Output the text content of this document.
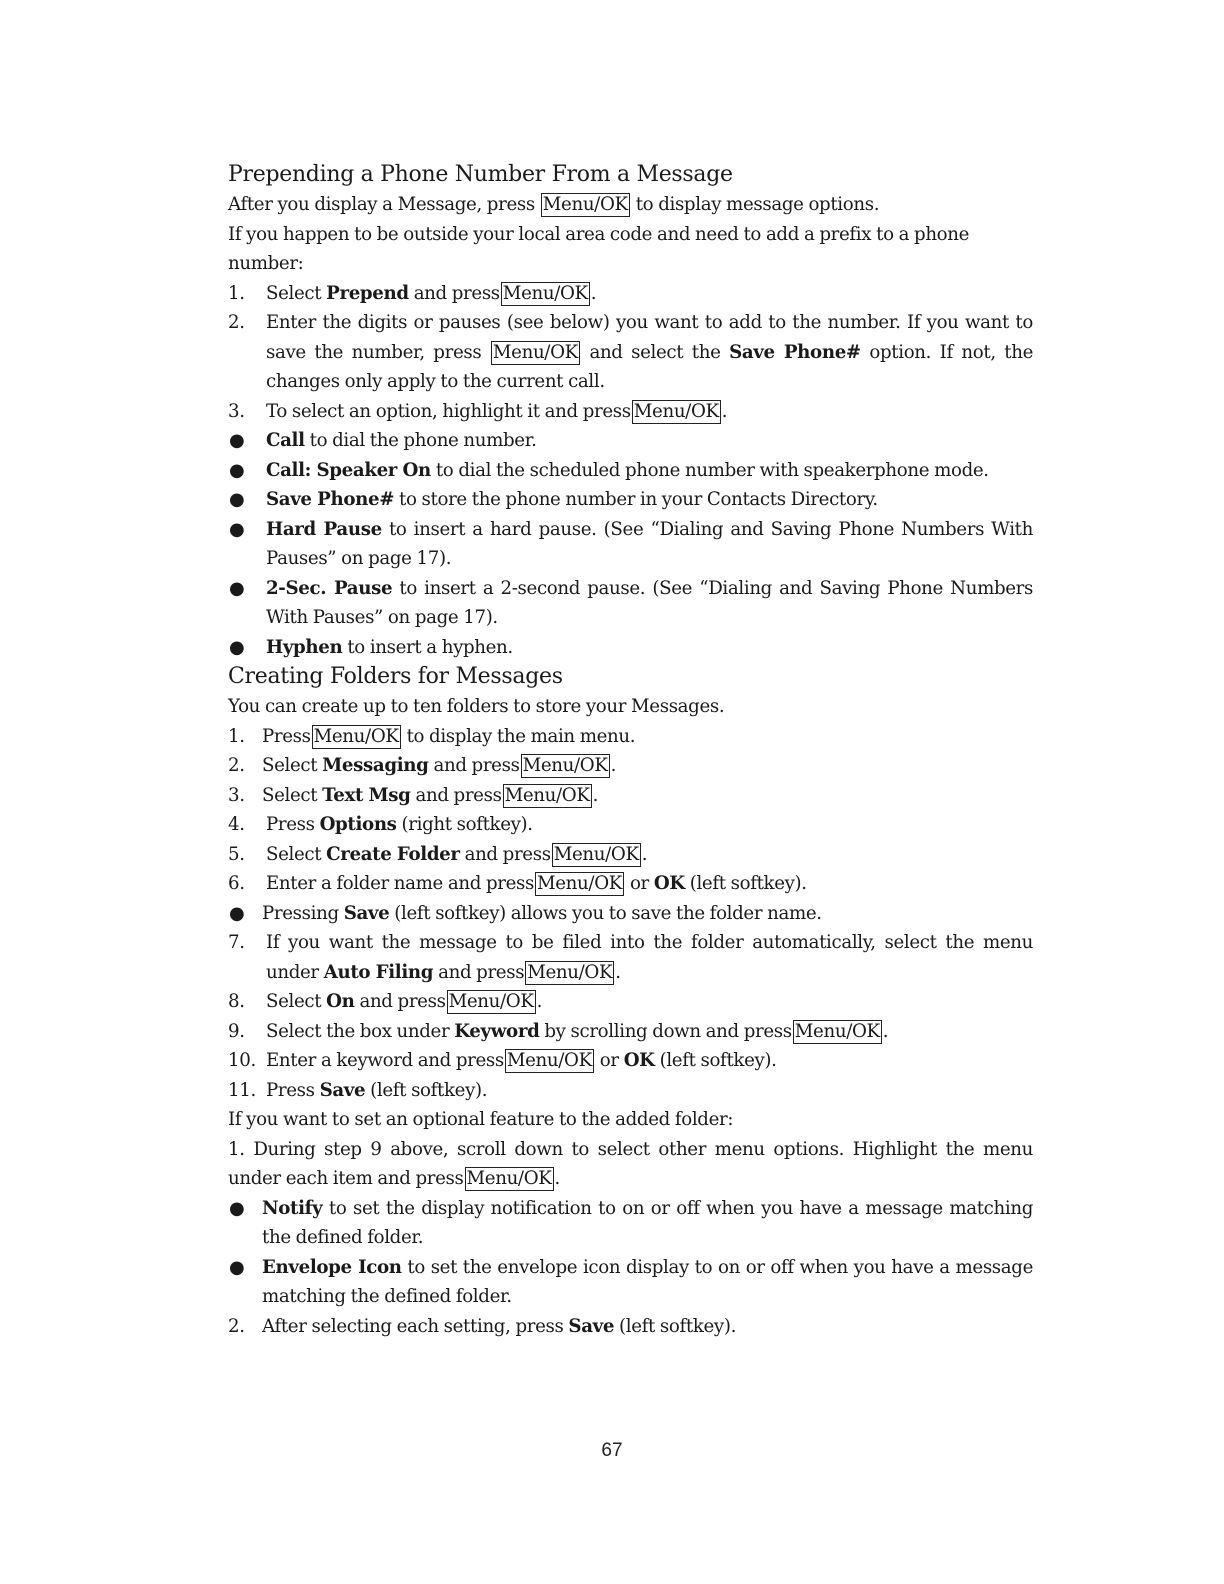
Prepending a Phone Number From a Message

After you display a Message, press Menu/OK to display message options.

If you happen to be outside your local area code and need to add a prefix to a phone number:

1.	Select Prepend and press Menu/OK .

2.	Enter the digits or pauses (see below) you want to add to the number. If you want to save the number, press Menu/OK and select the Save Phone# option. If not, the changes only apply to the current call.

3.	To select an option, highlight it and press Menu/OK .

●	Call to dial the phone number.

●	Call: Speaker On to dial the scheduled phone number with speakerphone mode.

●	Save Phone# to store the phone number in your Contacts Directory.

●	Hard Pause to insert a hard pause. (See “Dialing and Saving Phone Numbers With Pauses” on page 17).

●	2-Sec. Pause to insert a 2-second pause. (See “Dialing and Saving Phone Numbers With Pauses” on page 17).

●	Hyphen to insert a hyphen.

Creating Folders for Messages

You can create up to ten folders to store your Messages.

1. Press Menu/OK to display the main menu.

2. Select Messaging and press Menu/OK .

3. Select Text Msg and press Menu/OK .

4.	Press Options (right softkey).

5.	Select Create Folder and press Menu/OK .

6.	Enter a folder name and press Menu/OK or OK (left softkey).

● Pressing Save (left softkey) allows you to save the folder name.

7.	If you want the message to be filed into the folder automatically, select the menu under Auto Filing and press Menu/OK .

8.	Select On and press Menu/OK .

9.	Select the box under Keyword by scrolling down and press Menu/OK .

10. Enter a keyword and press Menu/OK or OK (left softkey).

11. Press Save (left softkey).

If you want to set an optional feature to the added folder:

1. During step 9 above, scroll down to select other menu options. Highlight the menu under each item and press Menu/OK .

● Notify to set the display notification to on or off when you have a message matching the defined folder.

● Envelope Icon to set the envelope icon display to on or off when you have a message matching the defined folder.

2. After selecting each setting, press Save (left softkey).

67
